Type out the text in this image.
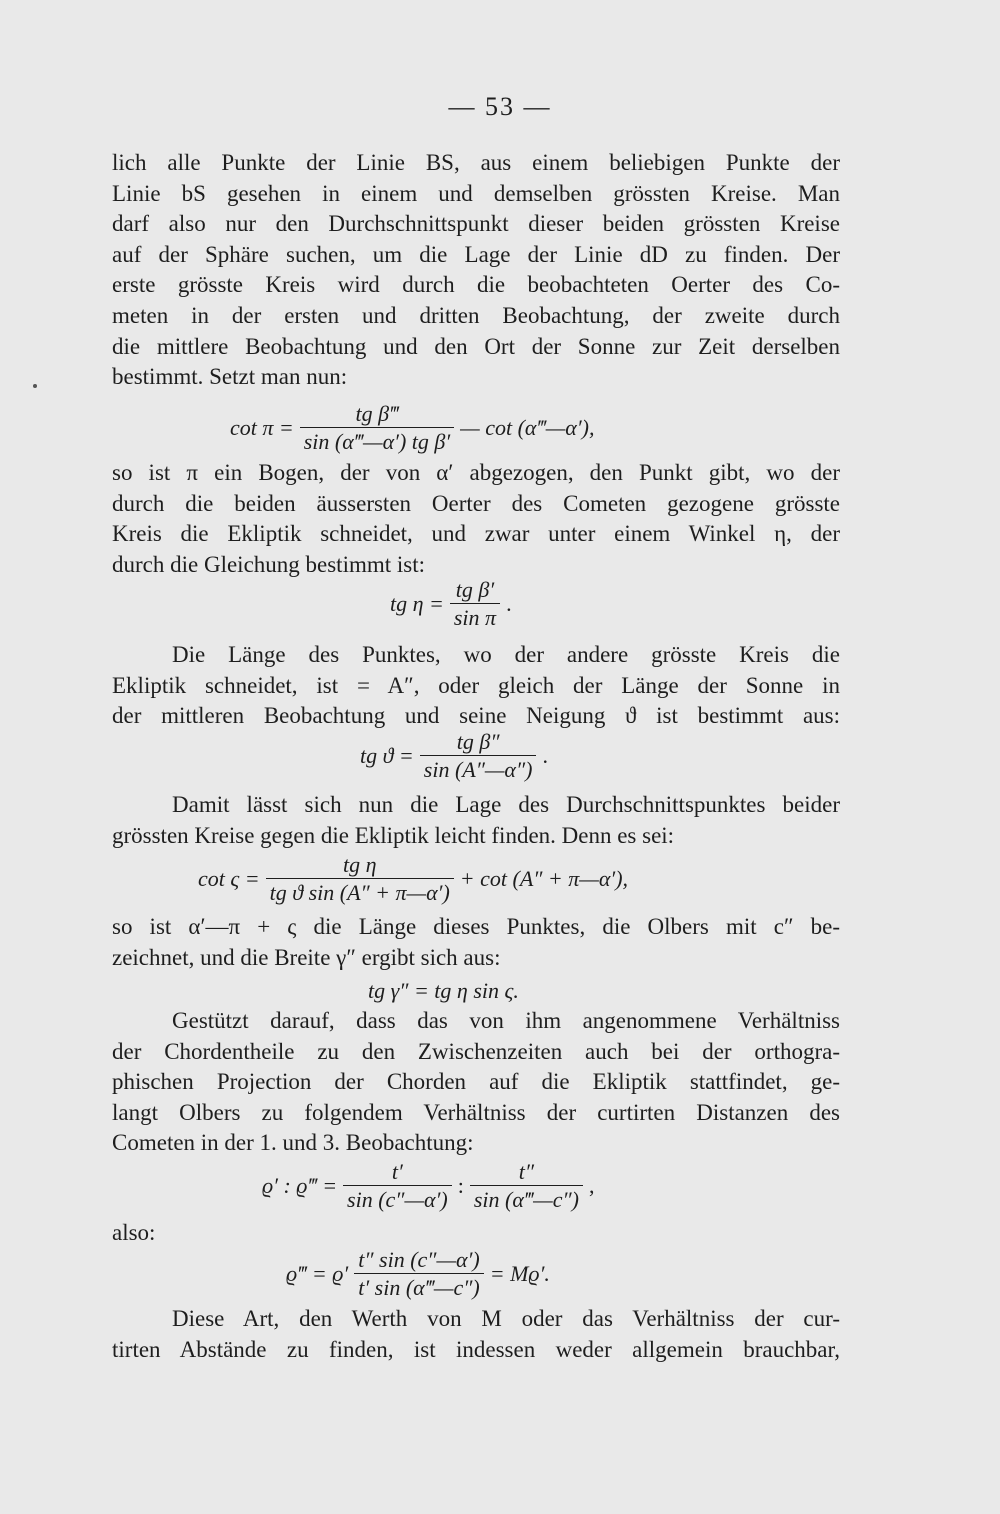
— 53 —
lich alle Punkte der Linie BS, aus einem beliebigen Punkte der
Linie bS gesehen in einem und demselben grössten Kreise. Man
darf also nur den Durchschnittspunkt dieser beiden grössten Kreise
auf der Sphäre suchen, um die Lage der Linie dD zu finden. Der
erste grösste Kreis wird durch die beobachteten Oerter des Co-
meten in der ersten und dritten Beobachtung, der zweite durch
die mittlere Beobachtung und den Ort der Sonne zur Zeit derselben
bestimmt. Setzt man nun:
$\cot \pi = \frac{\text{tg β‴}}{\text{sin (α‴—α′) tg β′}}$ — cot (α‴—α′),
so ist π ein Bogen, der von α′ abgezogen, den Punkt gibt, wo der
durch die beiden äussersten Oerter des Cometen gezogene grösste
Kreis die Ekliptik schneidet, und zwar unter einem Winkel η, der
durch die Gleichung bestimmt ist:
tg $\eta = \frac{\text{tg β′}}{\text{sin π}}$ .
Die Länge des Punktes, wo der andere grösste Kreis die
Ekliptik schneidet, ist = A″, oder gleich der Länge der Sonne in
der mittleren Beobachtung und seine Neigung ϑ ist bestimmt aus:
tg $ϑ = \frac{\text{tg β″}}{\sin (A''—\alpha'')}$ .
Damit lässt sich nun die Lage des Durchschnittspunktes beider
grössten Kreise gegen die Ekliptik leicht finden. Denn es sei:
$\cot \varsigma = \frac{\text{tg η}}{\text{tg ϑ sin (A″ + π—α′)}} + \cot (A''$ + π—α′),
so ist α′—π + ς die Länge dieses Punktes, die Olbers mit c″ be-
zeichnet, und die Breite γ″ ergibt sich aus:
tg γ″ = tg η sin ς.
Gestützt darauf, dass das von ihm angenommene Verhältniss
der Chordentheile zu den Zwischenzeiten auch bei der orthogra-
phischen Projection der Chorden auf die Ekliptik stattfindet, ge-
langt Olbers zu folgendem Verhältniss der curtirten Distanzen des
Cometen in der 1. und 3. Beobachtung:
ϱ′ : ϱ‴ = $\frac{t'}{\sin (c''—\alpha')}$ : $\frac{t''}{\sin (\alpha‴—c'')}$ ,
also:
ϱ‴ = $ϱ' \frac{t'' \sin (c''—\alpha')}{t' \sin (\alpha‴—c'')} = Mϱ'$.
Diese Art, den Werth von M oder das Verhältniss der cur-
tirten Abstände zu finden, ist indessen weder allgemein brauchbar,
